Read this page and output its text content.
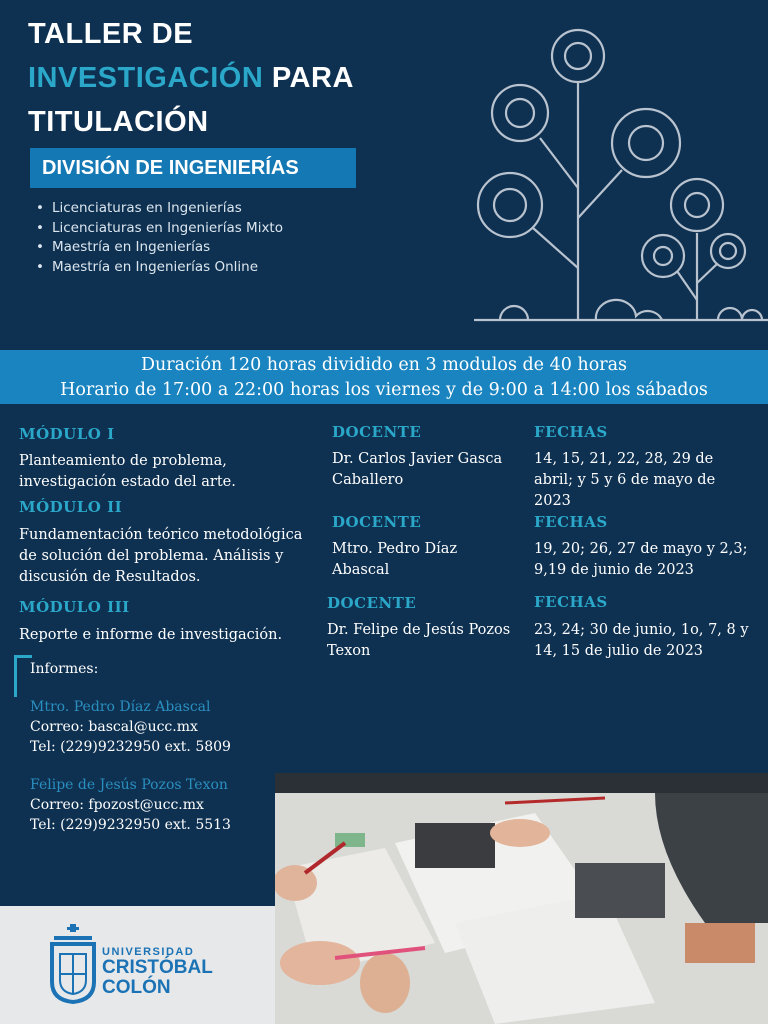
TALLER DE
INVESTIGACIÓN PARA
TITULACIÓN
DIVISIÓN DE INGENIERÍAS
• Licenciaturas en Ingenierías
• Licenciaturas en Ingenierías Mixto
• Maestría en Ingenierías
• Maestría en Ingenierías Online
Duración 120 horas dividido en 3 modulos de 40 horas
Horario de 17:00 a 22:00 horas los viernes y de 9:00 a 14:00 los sábados
MÓDULO I
Planteamiento de problema, investigación estado del arte.
DOCENTE
Dr. Carlos Javier Gasca Caballero
FECHAS
14, 15, 21, 22, 28, 29 de abril; y 5 y 6 de mayo de 2023
MÓDULO II
Fundamentación teórico metodológica de solución del problema. Análisis y discusión de Resultados.
DOCENTE
Mtro. Pedro Díaz Abascal
FECHAS
19, 20; 26, 27 de mayo y 2,3; 9,19 de junio de 2023
MÓDULO III
Reporte e informe de investigación.
DOCENTE
Dr. Felipe de Jesús Pozos Texon
FECHAS
23, 24; 30 de junio, 1o, 7, 8 y 14, 15 de julio de 2023
Informes:
Mtro. Pedro Díaz Abascal
Correo: bascal@ucc.mx
Tel: (229)9232950 ext. 5809
Felipe de Jesús Pozos Texon
Correo: fpozost@ucc.mx
Tel: (229)9232950 ext. 5513
UNIVERSIDAD
CRISTÓBAL
COLÓN
